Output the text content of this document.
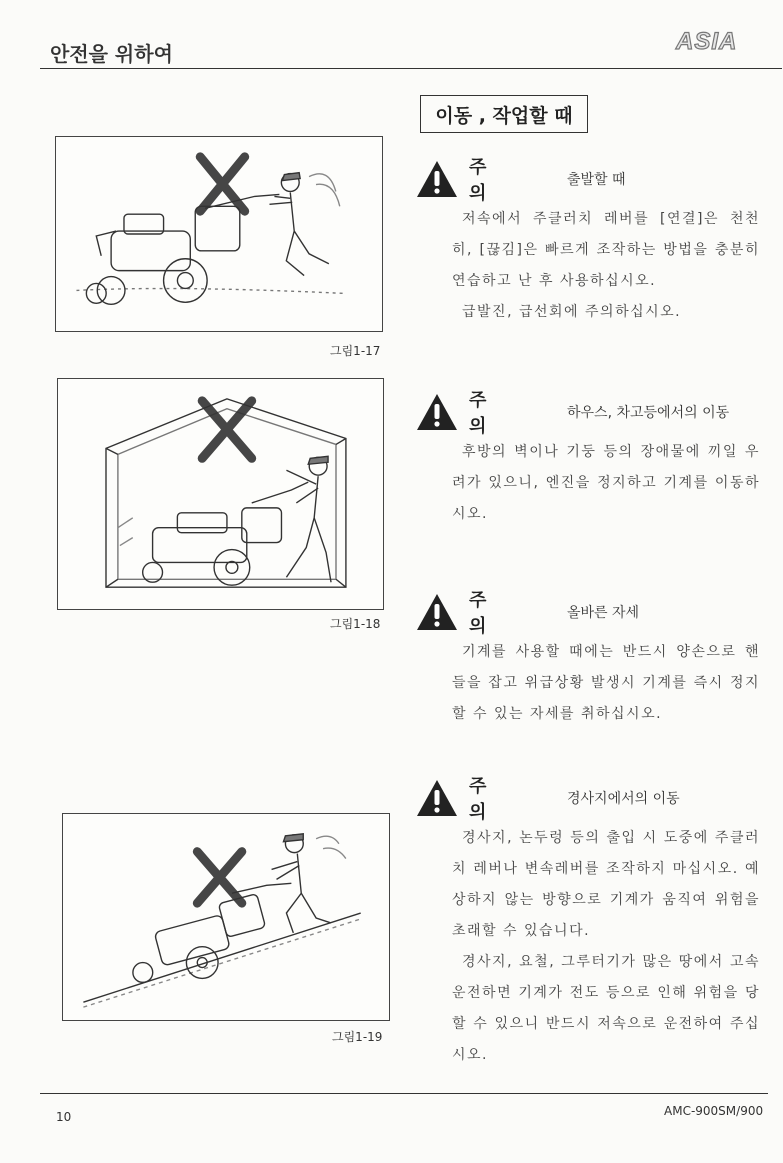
안전을 위하여	ASIA
이동 , 작업할 때
그림1-17
그림1-18
그림1-19
주 의
출발할 때

저속에서 주클러치 레버를 [연결]은 천천히, [끊김]은 빠르게 조작하는 방법을 충분히 연습하고 난 후 사용하십시오.

급발진, 급선회에 주의하십시오.

주 의
하우스, 차고등에서의 이동

후방의 벽이나 기둥 등의 장애물에 끼일 우려가 있으니, 엔진을 정지하고 기계를 이동하시오.

주 의
올바른 자세

기계를 사용할 때에는 반드시 양손으로 핸들을 잡고 위급상황 발생시 기계를 즉시 정지할 수 있는 자세를 취하십시오.

주 의
경사지에서의 이동

경사지, 논두렁 등의 출입 시 도중에 주클러치 레버나 변속레버를 조작하지 마십시오. 예상하지 않는 방향으로 기계가 움직여 위험을 초래할 수 있습니다.

경사지, 요철, 그루터기가 많은 땅에서 고속 운전하면 기계가 전도 등으로 인해 위험을 당할 수 있으니 반드시 저속으로 운전하여 주십시오.

10	AMC-900SM/900
